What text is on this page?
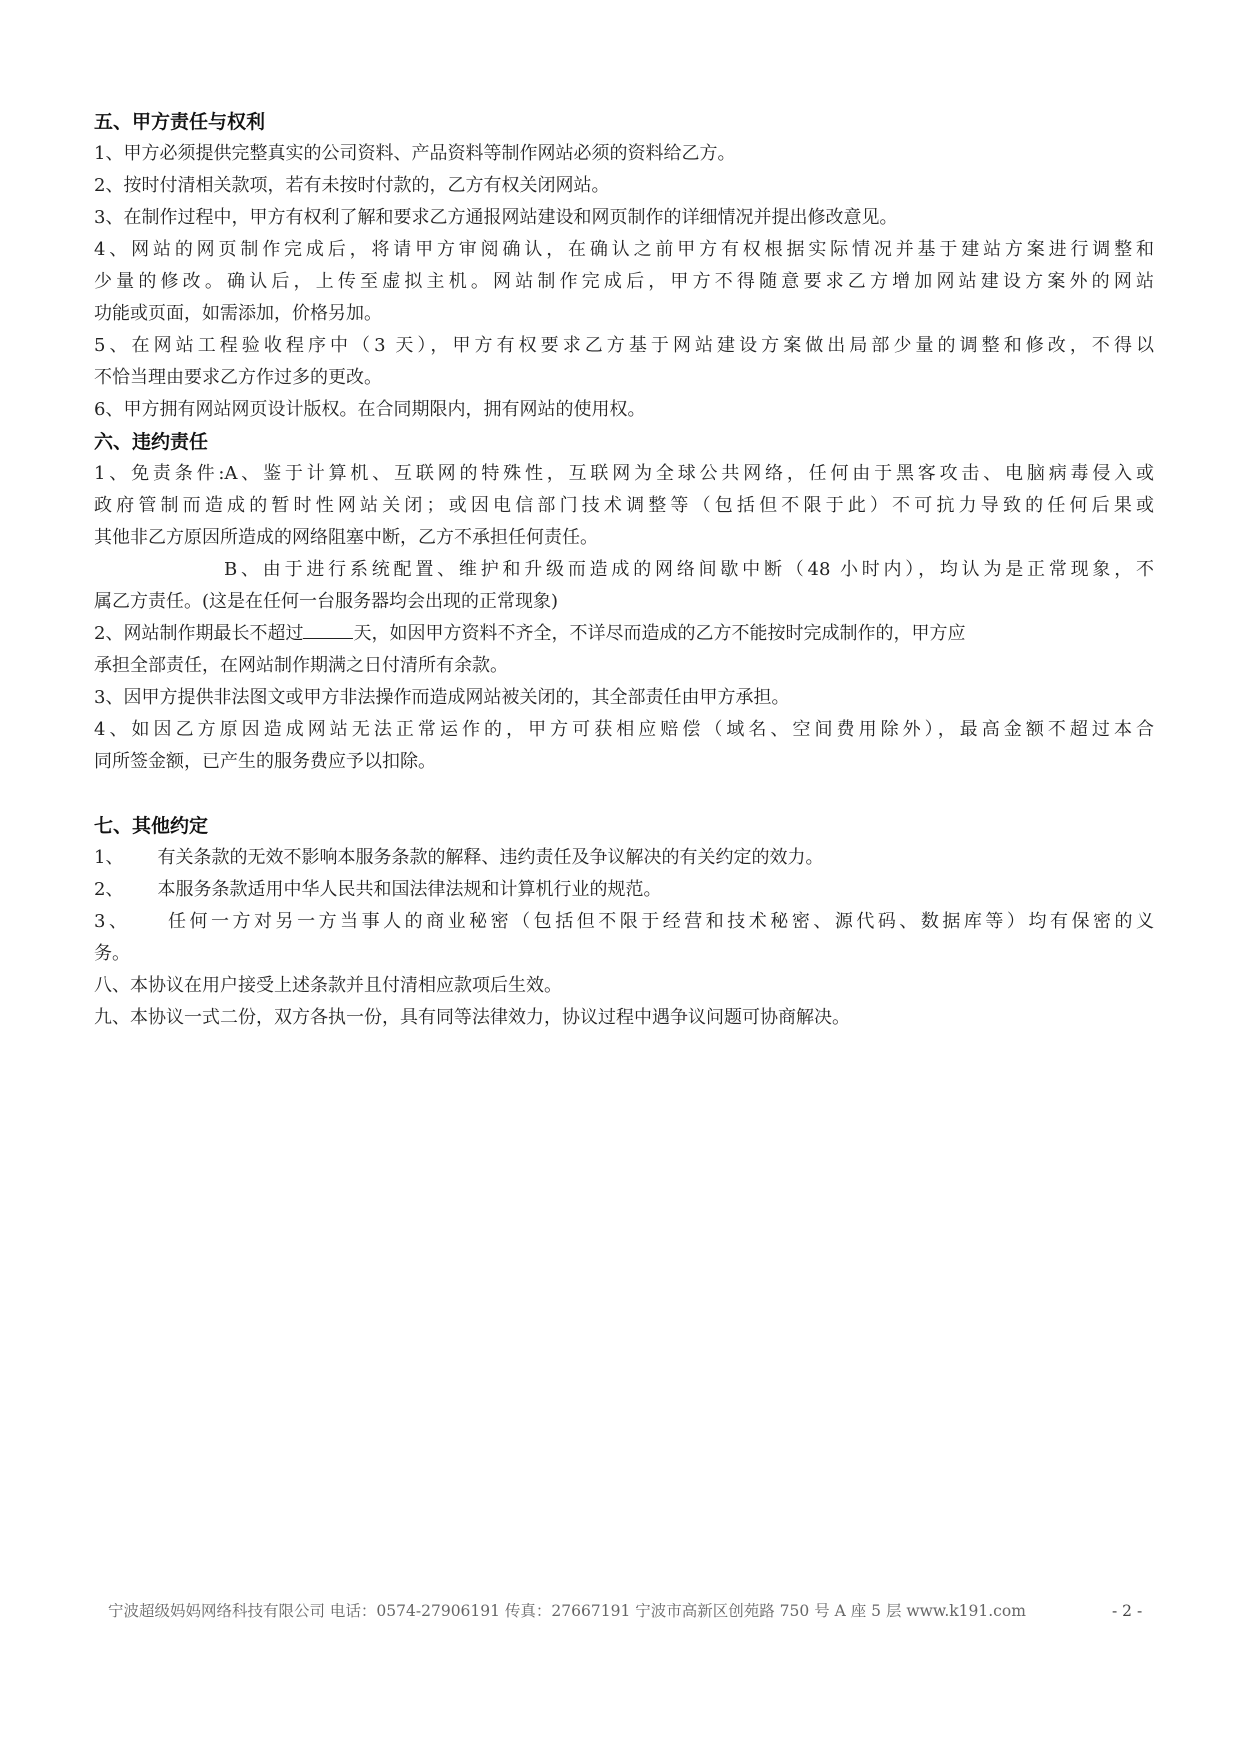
五、甲方责任与权利
1、甲方必须提供完整真实的公司资料、产品资料等制作网站必须的资料给乙方。
2、按时付清相关款项，若有未按时付款的，乙方有权关闭网站。
3、在制作过程中，甲方有权利了解和要求乙方通报网站建设和网页制作的详细情况并提出修改意见。
4、网站的网页制作完成后，将请甲方审阅确认，在确认之前甲方有权根据实际情况并基于建站方案进行调整和
少量的修改。确认后，上传至虚拟主机。网站制作完成后，甲方不得随意要求乙方增加网站建设方案外的网站
功能或页面，如需添加，价格另加。
5、在网站工程验收程序中（3 天），甲方有权要求乙方基于网站建设方案做出局部少量的调整和修改，不得以
不恰当理由要求乙方作过多的更改。
6、甲方拥有网站网页设计版权。在合同期限内，拥有网站的使用权。
六、违约责任
1、免责条件:A、鉴于计算机、互联网的特殊性，互联网为全球公共网络，任何由于黑客攻击、电脑病毒侵入或
政府管制而造成的暂时性网站关闭；或因电信部门技术调整等（包括但不限于此）不可抗力导致的任何后果或
其他非乙方原因所造成的网络阻塞中断，乙方不承担任何责任。
B、由于进行系统配置、维护和升级而造成的网络间歇中断（48 小时内），均认为是正常现象，不
属乙方责任。(这是在任何一台服务器均会出现的正常现象)
2、网站制作期最长不超过	天，如因甲方资料不齐全，不详尽而造成的乙方不能按时完成制作的，甲方应
承担全部责任，在网站制作期满之日付清所有余款。
3、因甲方提供非法图文或甲方非法操作而造成网站被关闭的，其全部责任由甲方承担。
4、如因乙方原因造成网站无法正常运作的，甲方可获相应赔偿（域名、空间费用除外），最高金额不超过本合
同所签金额，已产生的服务费应予以扣除。
七、其他约定
1、 有关条款的无效不影响本服务条款的解释、违约责任及争议解决的有关约定的效力。
2、 本服务条款适用中华人民共和国法律法规和计算机行业的规范。
3、 任何一方对另一方当事人的商业秘密（包括但不限于经营和技术秘密、源代码、数据库等）均有保密的义
务。
八、本协议在用户接受上述条款并且付清相应款项后生效。
九、本协议一式二份，双方各执一份，具有同等法律效力，协议过程中遇争议问题可协商解决。
宁波超级妈妈网络科技有限公司 电话：0574-27906191 传真：27667191 宁波市高新区创苑路 750 号 A 座 5 层 www.k191.com	- 2 -
